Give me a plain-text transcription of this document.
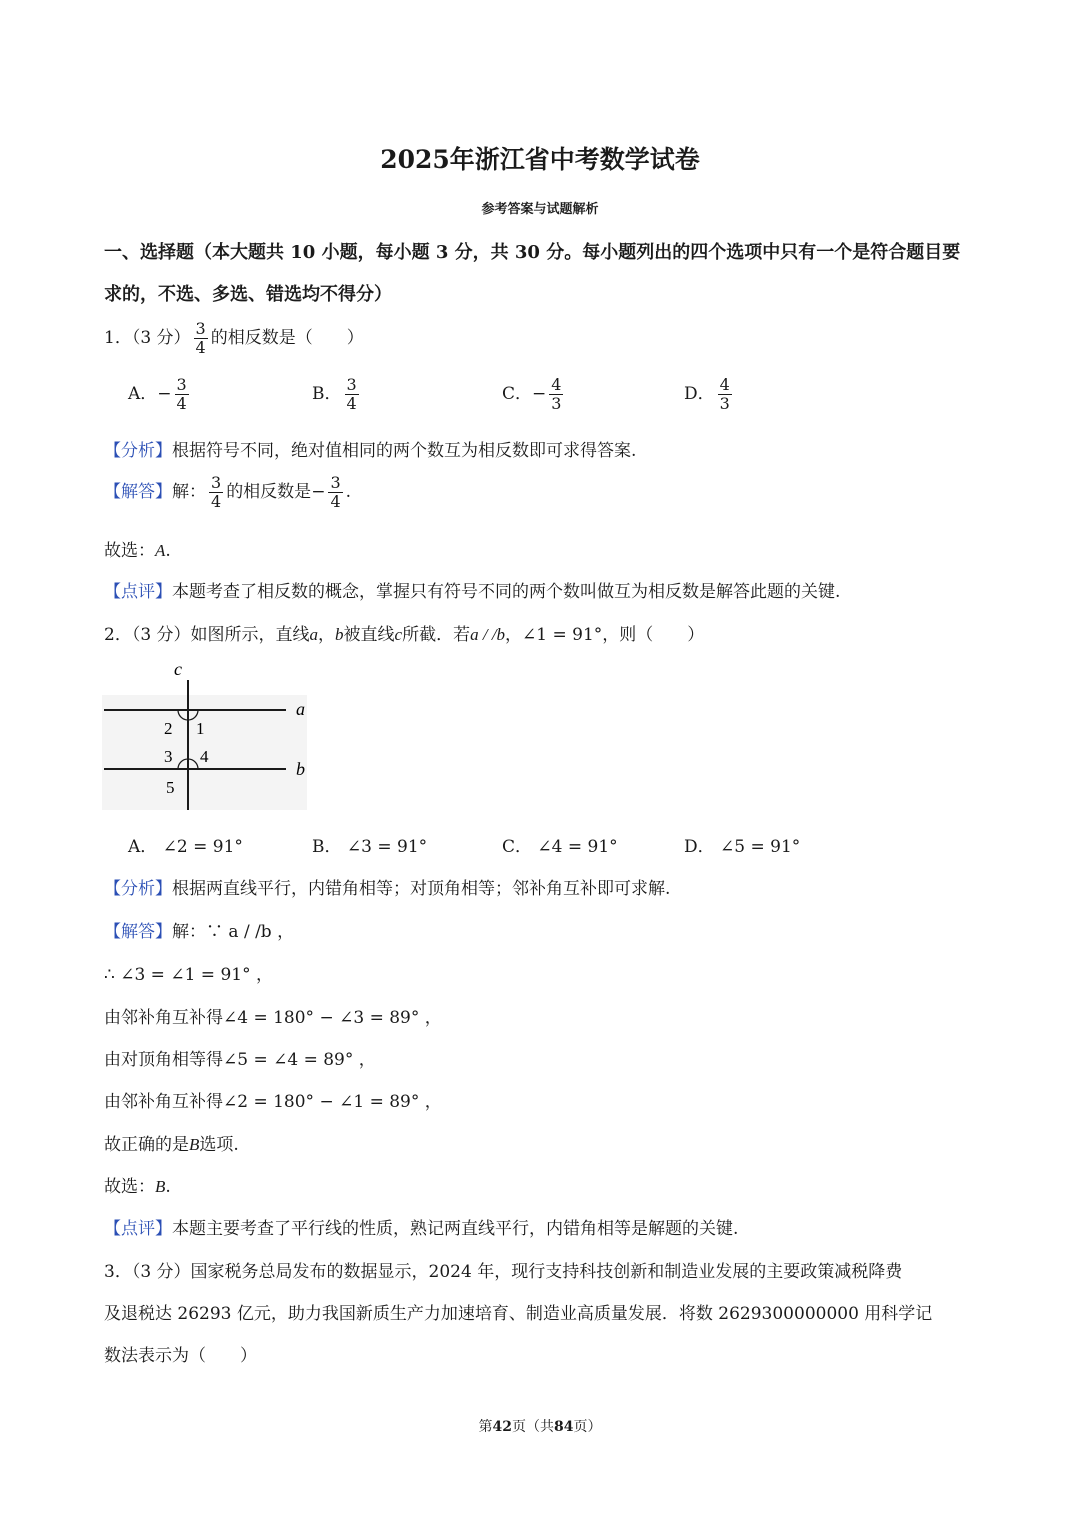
2025年浙江省中考数学试卷
参考答案与试题解析
一、选择题（本大题共 10 小题，每小题 3 分，共 30 分。每小题列出的四个选项中只有一个是符合题目要
求的，不选、多选、错选均不得分）
1．（3 分） $\frac{3}{4}$ 的相反数是（　　）
A．− $\frac{3}{4}$	B． $\frac{3}{4}$	C．− $\frac{4}{3}$	D． $\frac{4}{3}$
【分析】根据符号不同，绝对值相同的两个数互为相反数即可求得答案.
【解答】解： $\frac{3}{4}$ 的相反数是− $\frac{3}{4}$ .
故选：A.
【点评】本题考查了相反数的概念，掌握只有符号不同的两个数叫做互为相反数是解答此题的关键.
2．（3 分）如图所示，直线a，b被直线c所截．若a / /b，∠1 = 91°，则（　　）
c
a
b
1
2
3 4
5
A． ∠2 = 91°	B． ∠3 = 91°	C． ∠4 = 91°	D． ∠5 = 91°
【分析】根据两直线平行，内错角相等；对顶角相等；邻补角互补即可求解.
【解答】解：∵ a / /b ，
∴ ∠3 = ∠1 = 91° ，
由邻补角互补得∠4 = 180° − ∠3 = 89° ，
由对顶角相等得∠5 = ∠4 = 89° ，
由邻补角互补得∠2 = 180° − ∠1 = 89° ，
故正确的是B选项.
故选：B.
【点评】本题主要考查了平行线的性质，熟记两直线平行，内错角相等是解题的关键.
3．（3 分）国家税务总局发布的数据显示，2024 年，现行支持科技创新和制造业发展的主要政策减税降费
及退税达 26293 亿元，助力我国新质生产力加速培育、制造业高质量发展．将数 2629300000000 用科学记
数法表示为（　　）
第42页（共84页）
